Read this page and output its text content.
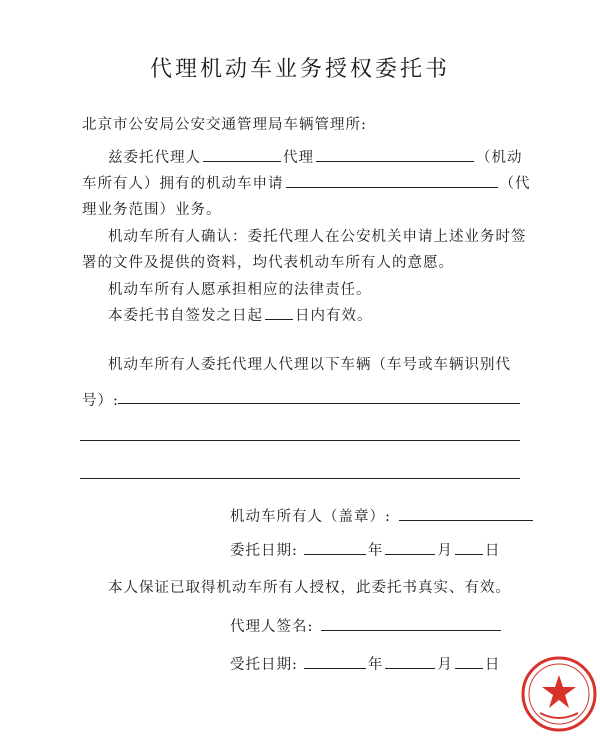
代理机动车业务授权委托书
北京市公安局公安交通管理局车辆管理所:
兹委托代理人	代理	（机动
车所有人）拥有的机动车申请	（代
理业务范围）业务。
机动车所有人确认：委托代理人在公安机关申请上述业务时签
署的文件及提供的资料，均代表机动车所有人的意愿。
机动车所有人愿承担相应的法律责任。
本委托书自签发之日起 日内有效。
机动车所有人委托代理人代理以下车辆（车号或车辆识别代
号）:
机动车所有人（盖章）:
委托日期:	年	月 日
本人保证已取得机动车所有人授权，此委托书真实、有效。
代理人签名:
受托日期:	年	月 日
